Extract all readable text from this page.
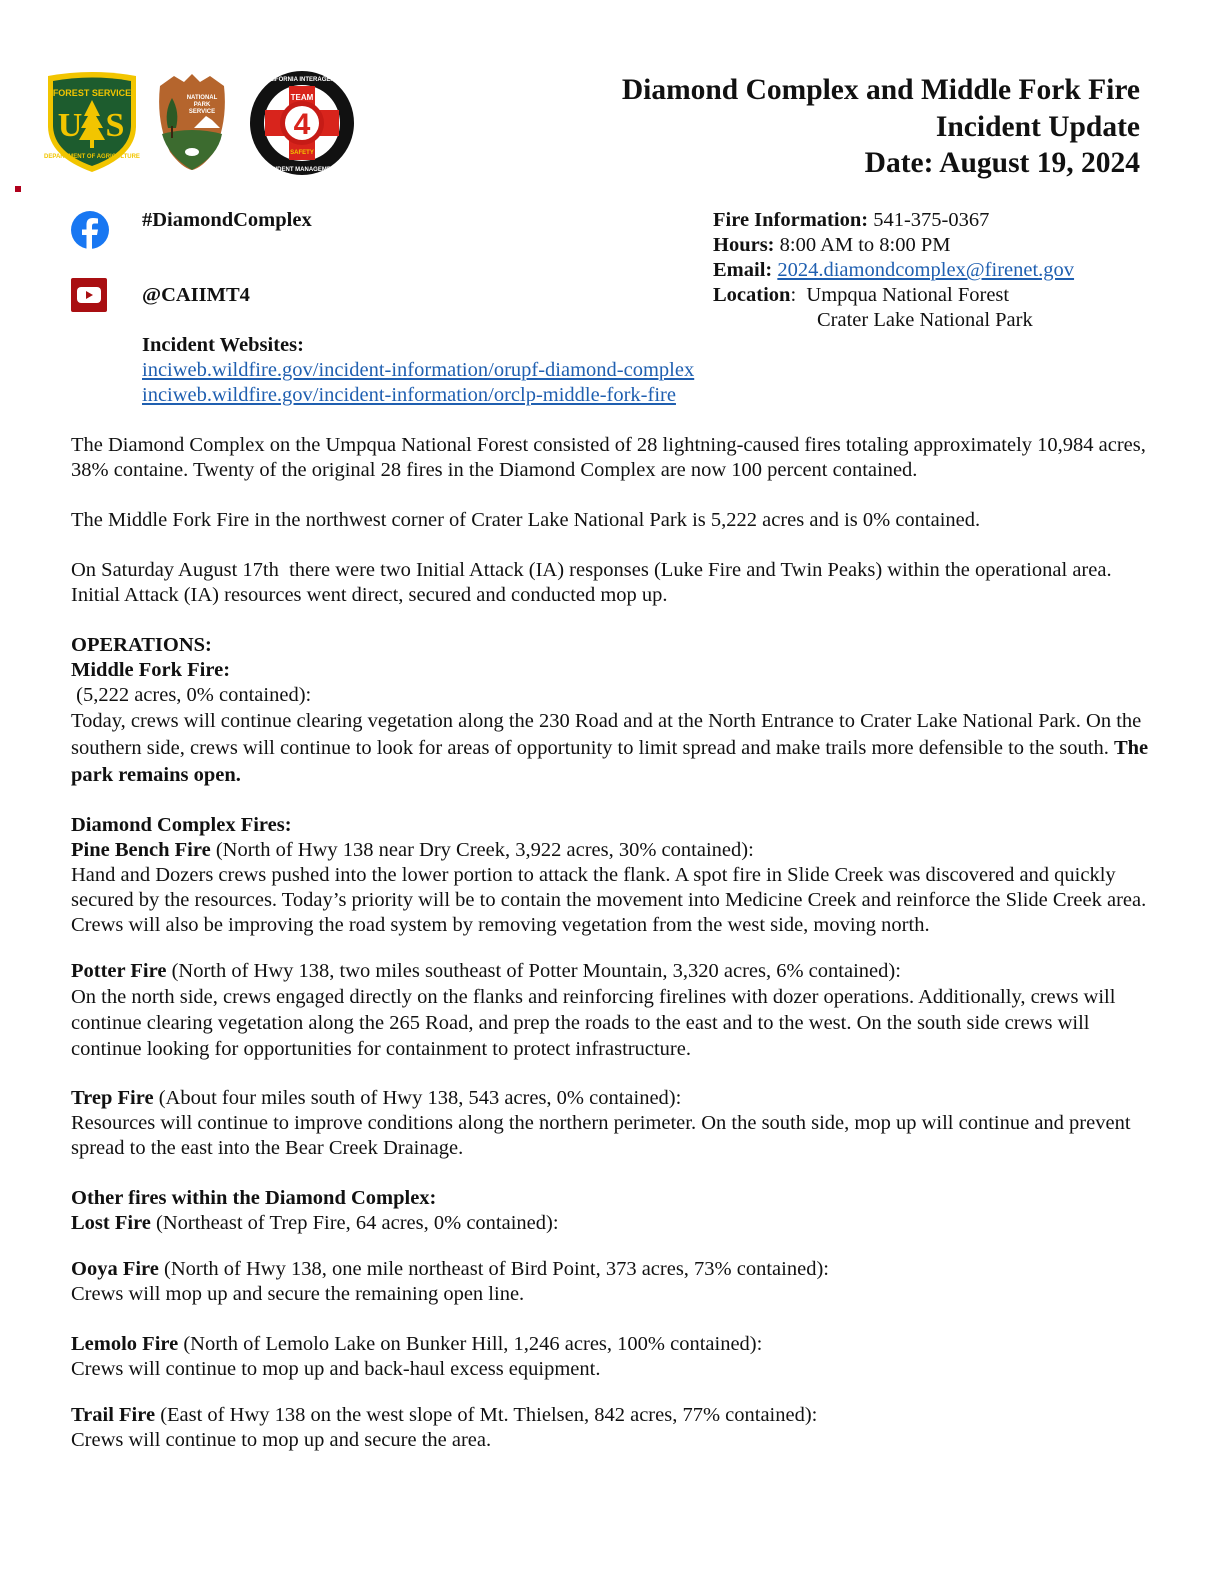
FOREST SERVICE
U S
DEPARTMENT OF AGRICULTURE
NATIONAL
PARK
SERVICE	4
TEAM
SAFETY
CALIFORNIA INTERAGENCY
INCIDENT MANAGEMENT
Diamond Complex and Middle Fork Fire
Incident Update
Date: August 19, 2024
#DiamondComplex
@CAIIMT4
Incident Websites:
inciweb.wildfire.gov/incident-information/orupf-diamond-complex
inciweb.wildfire.gov/incident-information/orclp-middle-fork-fire
Fire Information: 541-375-0367
Hours: 8:00 AM to 8:00 PM
Email: 2024.diamondcomplex@firenet.gov
Location:  Umpqua National Forest
Crater Lake National Park

The Diamond Complex on the Umpqua National Forest consisted of 28 lightning-caused fires totaling approximately 10,984 acres, 38% containe. Twenty of the original 28 fires in the Diamond Complex are now 100 percent contained.

The Middle Fork Fire in the northwest corner of Crater Lake National Park is 5,222 acres and is 0% contained.

On Saturday August 17th  there were two Initial Attack (IA) responses (Luke Fire and Twin Peaks) within the operational area.  Initial Attack (IA) resources went direct, secured and conducted mop up.

OPERATIONS:
Middle Fork Fire:
(5,222 acres, 0% contained):

Today, crews will continue clearing vegetation along the 230 Road and at the North Entrance to Crater Lake National Park. On the southern side, crews will continue to look for areas of opportunity to limit spread and make trails more defensible to the south. The park remains open.

Diamond Complex Fires:
Pine Bench Fire (North of Hwy 138 near Dry Creek, 3,922 acres, 30% contained):

Hand and Dozers crews pushed into the lower portion to attack the flank. A spot fire in Slide Creek was discovered and quickly secured by the resources. Today’s priority will be to contain the movement into Medicine Creek and reinforce the Slide Creek area. Crews will also be improving the road system by removing vegetation from the west side, moving north.

Potter Fire (North of Hwy 138, two miles southeast of Potter Mountain, 3,320 acres, 6% contained):

On the north side, crews engaged directly on the flanks and reinforcing firelines with dozer operations. Additionally, crews will continue clearing vegetation along the 265 Road, and prep the roads to the east and to the west. On the south side crews will continue looking for opportunities for containment to protect infrastructure.

Trep Fire (About four miles south of Hwy 138, 543 acres, 0% contained):

Resources will continue to improve conditions along the northern perimeter. On the south side, mop up will continue and prevent spread to the east into the Bear Creek Drainage.

Other fires within the Diamond Complex:
Lost Fire (Northeast of Trep Fire, 64 acres, 0% contained):
Ooya Fire (North of Hwy 138, one mile northeast of Bird Point, 373 acres, 73% contained):

Crews will mop up and secure the remaining open line.

Lemolo Fire (North of Lemolo Lake on Bunker Hill, 1,246 acres, 100% contained):

Crews will continue to mop up and back-haul excess equipment.

Trail Fire (East of Hwy 138 on the west slope of Mt. Thielsen, 842 acres, 77% contained):

Crews will continue to mop up and secure the area.
